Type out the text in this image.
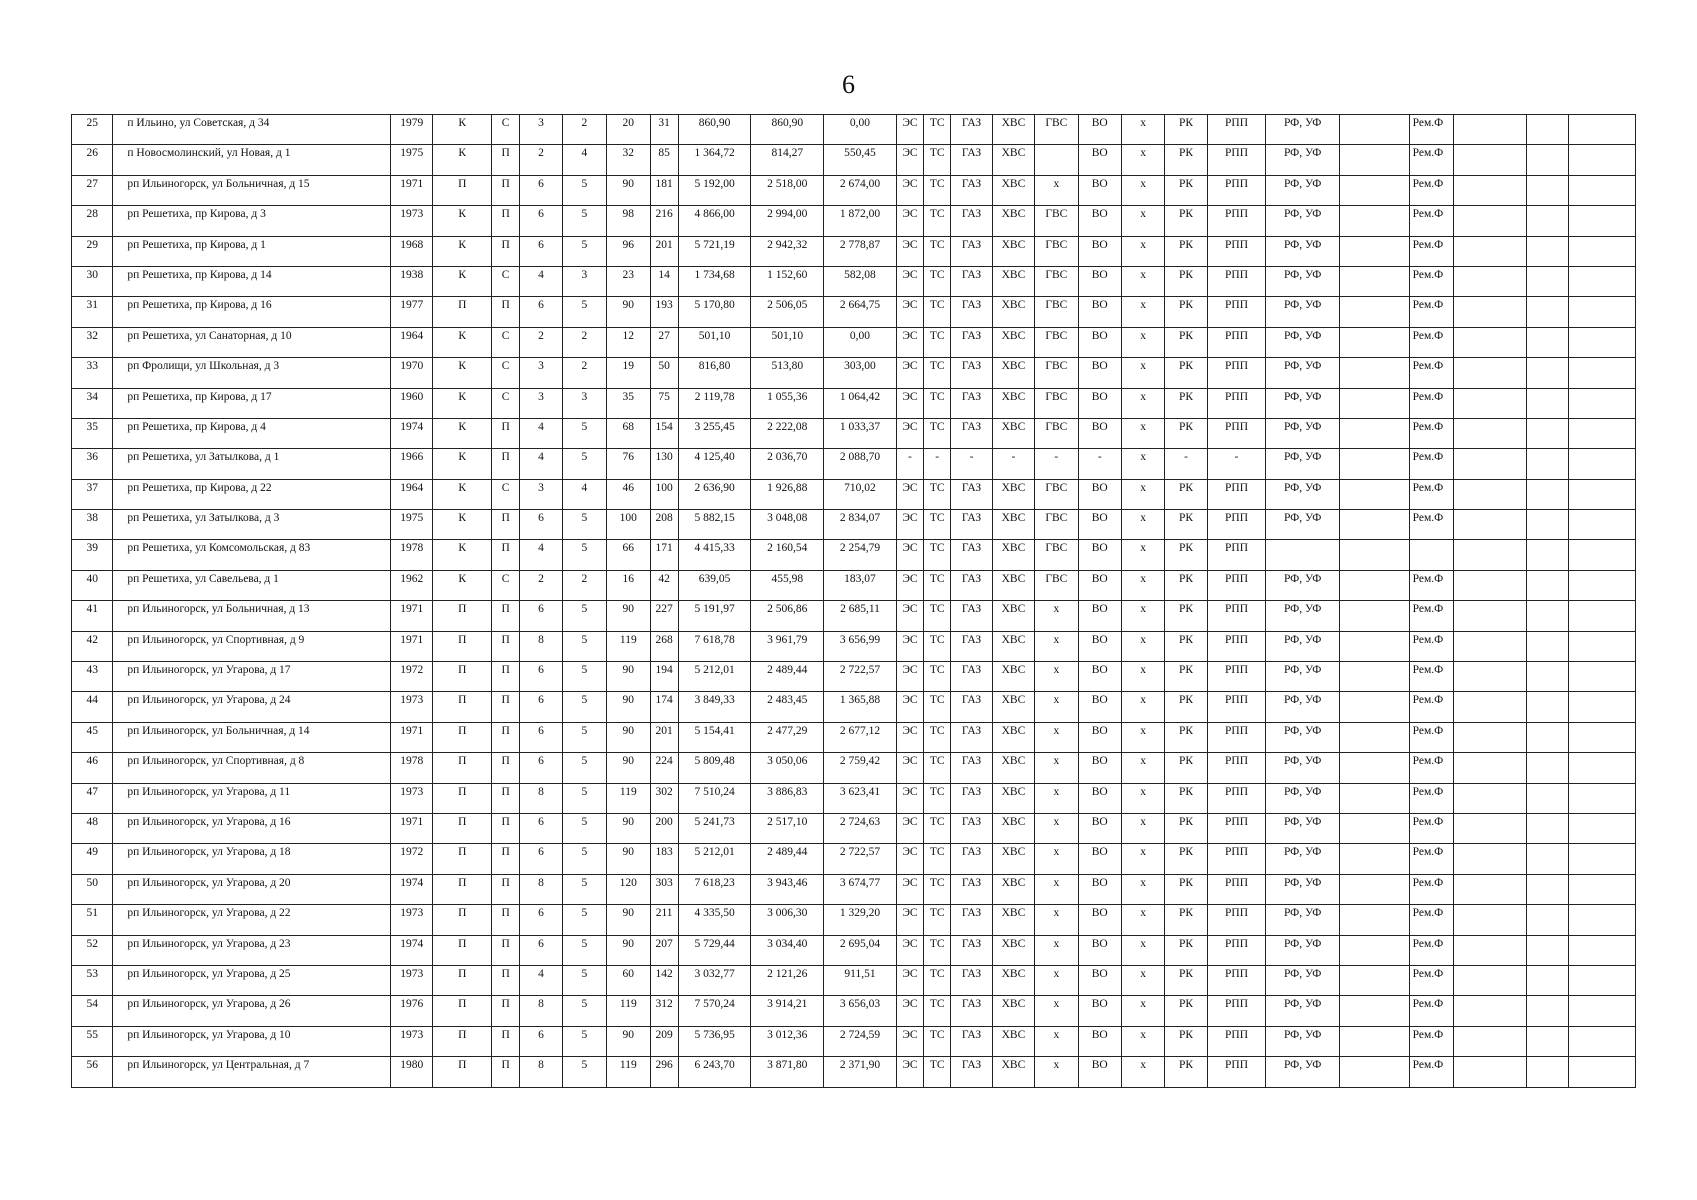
6
25	п Ильино, ул Советская, д 34	1979	К	С	3	2	20	31	860,90	860,90	0,00	ЭС	ТС	ГАЗ	ХВС	ГВС	ВО	х	РК	РПП	РФ, УФ		Рем.Ф			
26	п Новосмолинский, ул Новая, д 1	1975	К	П	2	4	32	85	1 364,72	814,27	550,45	ЭС	ТС	ГАЗ	ХВС		ВО	х	РК	РПП	РФ, УФ		Рем.Ф			
27	рп Ильиногорск, ул Больничная, д 15	1971	П	П	6	5	90	181	5 192,00	2 518,00	2 674,00	ЭС	ТС	ГАЗ	ХВС	х	ВО	х	РК	РПП	РФ, УФ		Рем.Ф			
28	рп Решетиха, пр Кирова, д 3	1973	К	П	6	5	98	216	4 866,00	2 994,00	1 872,00	ЭС	ТС	ГАЗ	ХВС	ГВС	ВО	х	РК	РПП	РФ, УФ		Рем.Ф			
29	рп Решетиха, пр Кирова, д 1	1968	К	П	6	5	96	201	5 721,19	2 942,32	2 778,87	ЭС	ТС	ГАЗ	ХВС	ГВС	ВО	х	РК	РПП	РФ, УФ		Рем.Ф			
30	рп Решетиха, пр Кирова, д 14	1938	К	С	4	3	23	14	1 734,68	1 152,60	582,08	ЭС	ТС	ГАЗ	ХВС	ГВС	ВО	х	РК	РПП	РФ, УФ		Рем.Ф			
31	рп Решетиха, пр Кирова, д 16	1977	П	П	6	5	90	193	5 170,80	2 506,05	2 664,75	ЭС	ТС	ГАЗ	ХВС	ГВС	ВО	х	РК	РПП	РФ, УФ		Рем.Ф			
32	рп Решетиха, ул Санаторная, д 10	1964	К	С	2	2	12	27	501,10	501,10	0,00	ЭС	ТС	ГАЗ	ХВС	ГВС	ВО	х	РК	РПП	РФ, УФ		Рем.Ф			
33	рп Фролищи, ул Школьная, д 3	1970	К	С	3	2	19	50	816,80	513,80	303,00	ЭС	ТС	ГАЗ	ХВС	ГВС	ВО	х	РК	РПП	РФ, УФ		Рем.Ф			
34	рп Решетиха, пр Кирова, д 17	1960	К	С	3	3	35	75	2 119,78	1 055,36	1 064,42	ЭС	ТС	ГАЗ	ХВС	ГВС	ВО	х	РК	РПП	РФ, УФ		Рем.Ф			
35	рп Решетиха, пр Кирова, д 4	1974	К	П	4	5	68	154	3 255,45	2 222,08	1 033,37	ЭС	ТС	ГАЗ	ХВС	ГВС	ВО	х	РК	РПП	РФ, УФ		Рем.Ф			
36	рп Решетиха, ул Затылкова, д 1	1966	К	П	4	5	76	130	4 125,40	2 036,70	2 088,70	-	-	-	-	-	-	х	-	-	РФ, УФ		Рем.Ф			
37	рп Решетиха, пр Кирова, д 22	1964	К	С	3	4	46	100	2 636,90	1 926,88	710,02	ЭС	ТС	ГАЗ	ХВС	ГВС	ВО	х	РК	РПП	РФ, УФ		Рем.Ф			
38	рп Решетиха, ул Затылкова, д 3	1975	К	П	6	5	100	208	5 882,15	3 048,08	2 834,07	ЭС	ТС	ГАЗ	ХВС	ГВС	ВО	х	РК	РПП	РФ, УФ		Рем.Ф			
39	рп Решетиха, ул Комсомольская, д 83	1978	К	П	4	5	66	171	4 415,33	2 160,54	2 254,79	ЭС	ТС	ГАЗ	ХВС	ГВС	ВО	х	РК	РПП						
40	рп Решетиха, ул Савельева, д 1	1962	К	С	2	2	16	42	639,05	455,98	183,07	ЭС	ТС	ГАЗ	ХВС	ГВС	ВО	х	РК	РПП	РФ, УФ		Рем.Ф			
41	рп Ильиногорск, ул Больничная, д 13	1971	П	П	6	5	90	227	5 191,97	2 506,86	2 685,11	ЭС	ТС	ГАЗ	ХВС	х	ВО	х	РК	РПП	РФ, УФ		Рем.Ф			
42	рп Ильиногорск, ул Спортивная, д 9	1971	П	П	8	5	119	268	7 618,78	3 961,79	3 656,99	ЭС	ТС	ГАЗ	ХВС	х	ВО	х	РК	РПП	РФ, УФ		Рем.Ф			
43	рп Ильиногорск, ул Угарова, д 17	1972	П	П	6	5	90	194	5 212,01	2 489,44	2 722,57	ЭС	ТС	ГАЗ	ХВС	х	ВО	х	РК	РПП	РФ, УФ		Рем.Ф			
44	рп Ильиногорск, ул Угарова, д 24	1973	П	П	6	5	90	174	3 849,33	2 483,45	1 365,88	ЭС	ТС	ГАЗ	ХВС	х	ВО	х	РК	РПП	РФ, УФ		Рем.Ф			
45	рп Ильиногорск, ул Больничная, д 14	1971	П	П	6	5	90	201	5 154,41	2 477,29	2 677,12	ЭС	ТС	ГАЗ	ХВС	х	ВО	х	РК	РПП	РФ, УФ		Рем.Ф			
46	рп Ильиногорск, ул Спортивная, д 8	1978	П	П	6	5	90	224	5 809,48	3 050,06	2 759,42	ЭС	ТС	ГАЗ	ХВС	х	ВО	х	РК	РПП	РФ, УФ		Рем.Ф			
47	рп Ильиногорск, ул Угарова, д 11	1973	П	П	8	5	119	302	7 510,24	3 886,83	3 623,41	ЭС	ТС	ГАЗ	ХВС	х	ВО	х	РК	РПП	РФ, УФ		Рем.Ф			
48	рп Ильиногорск, ул Угарова, д 16	1971	П	П	6	5	90	200	5 241,73	2 517,10	2 724,63	ЭС	ТС	ГАЗ	ХВС	х	ВО	х	РК	РПП	РФ, УФ		Рем.Ф			
49	рп Ильиногорск, ул Угарова, д 18	1972	П	П	6	5	90	183	5 212,01	2 489,44	2 722,57	ЭС	ТС	ГАЗ	ХВС	х	ВО	х	РК	РПП	РФ, УФ		Рем.Ф			
50	рп Ильиногорск, ул Угарова, д 20	1974	П	П	8	5	120	303	7 618,23	3 943,46	3 674,77	ЭС	ТС	ГАЗ	ХВС	х	ВО	х	РК	РПП	РФ, УФ		Рем.Ф			
51	рп Ильиногорск, ул Угарова, д 22	1973	П	П	6	5	90	211	4 335,50	3 006,30	1 329,20	ЭС	ТС	ГАЗ	ХВС	х	ВО	х	РК	РПП	РФ, УФ		Рем.Ф			
52	рп Ильиногорск, ул Угарова, д 23	1974	П	П	6	5	90	207	5 729,44	3 034,40	2 695,04	ЭС	ТС	ГАЗ	ХВС	х	ВО	х	РК	РПП	РФ, УФ		Рем.Ф			
53	рп Ильиногорск, ул Угарова, д 25	1973	П	П	4	5	60	142	3 032,77	2 121,26	911,51	ЭС	ТС	ГАЗ	ХВС	х	ВО	х	РК	РПП	РФ, УФ		Рем.Ф			
54	рп Ильиногорск, ул Угарова, д 26	1976	П	П	8	5	119	312	7 570,24	3 914,21	3 656,03	ЭС	ТС	ГАЗ	ХВС	х	ВО	х	РК	РПП	РФ, УФ		Рем.Ф			
55	рп Ильиногорск, ул Угарова, д 10	1973	П	П	6	5	90	209	5 736,95	3 012,36	2 724,59	ЭС	ТС	ГАЗ	ХВС	х	ВО	х	РК	РПП	РФ, УФ		Рем.Ф			
56	рп Ильиногорск, ул Центральная, д 7	1980	П	П	8	5	119	296	6 243,70	3 871,80	2 371,90	ЭС	ТС	ГАЗ	ХВС	х	ВО	х	РК	РПП	РФ, УФ		Рем.Ф			
